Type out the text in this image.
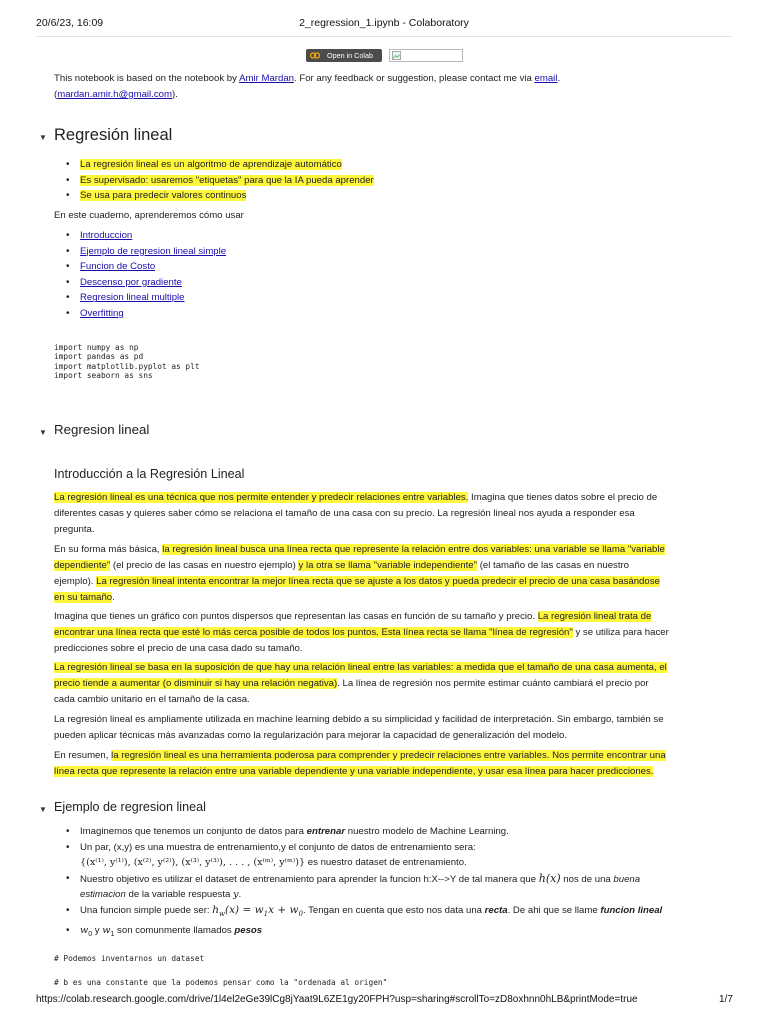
20/6/23, 16:09	2_regression_1.ipynb - Colaboratory
Open in Colab
This notebook is based on the notebook by Amir Mardan. For any feedback or suggestion, please contact me via email.
(mardan.amir.h@gmail.com).
▼ Regresión lineal
• La regresión lineal es un algoritmo de aprendizaje automático
• Es supervisado: usaremos "etiquetas" para que la IA pueda aprender
• Se usa para predecir valores continuos
En este cuaderno, aprenderemos cómo usar
• Introduccion
• Ejemplo de regresion lineal simple
• Funcion de Costo
• Descenso por gradiente
• Regresion lineal multiple
• Overfitting
import numpy as np
import pandas as pd
import matplotlib.pyplot as plt
import seaborn as sns
▼ Regresion lineal
Introducción a la Regresión Lineal
La regresión lineal es una técnica que nos permite entender y predecir relaciones entre variables. Imagina que tienes datos sobre el precio de
diferentes casas y quieres saber cómo se relaciona el tamaño de una casa con su precio. La regresión lineal nos ayuda a responder esa
pregunta.
En su forma más básica, la regresión lineal busca una línea recta que represente la relación entre dos variables: una variable se llama "variable
dependiente" (el precio de las casas en nuestro ejemplo) y la otra se llama "variable independiente" (el tamaño de las casas en nuestro
ejemplo). La regresión lineal intenta encontrar la mejor línea recta que se ajuste a los datos y pueda predecir el precio de una casa basándose
en su tamaño.
Imagina que tienes un gráfico con puntos dispersos que representan las casas en función de su tamaño y precio. La regresión lineal trata de
encontrar una línea recta que esté lo más cerca posible de todos los puntos. Esta línea recta se llama "línea de regresión" y se utiliza para hacer
predicciones sobre el precio de una casa dado su tamaño.
La regresión lineal se basa en la suposición de que hay una relación lineal entre las variables: a medida que el tamaño de una casa aumenta, el
precio tiende a aumentar (o disminuir si hay una relación negativa). La línea de regresión nos permite estimar cuánto cambiará el precio por
cada cambio unitario en el tamaño de la casa.
La regresión lineal es ampliamente utilizada en machine learning debido a su simplicidad y facilidad de interpretación. Sin embargo, también se
pueden aplicar técnicas más avanzadas como la regularización para mejorar la capacidad de generalización del modelo.
En resumen, la regresión lineal es una herramienta poderosa para comprender y predecir relaciones entre variables. Nos permite encontrar una
línea recta que represente la relación entre una variable dependiente y una variable independiente, y usar esa línea para hacer predicciones.
▼ Ejemplo de regresion lineal
• Imaginemos que tenemos un conjunto de datos para entrenar nuestro modelo de Machine Learning.
• Un par, (x,y) es una muestra de entrenamiento,y el conjunto de datos de entrenamiento sera:
{(x⁽¹⁾, y⁽¹⁾), (x⁽²⁾, y⁽²⁾), (x⁽³⁾, y⁽³⁾), . . . , (x⁽ᵐ⁾, y⁽ᵐ⁾)} es nuestro dataset de entrenamiento.
• Nuestro objetivo es utilizar el dataset de entrenamiento para aprender la funcion h:X-->Y de tal manera que h(x) nos de una buena
estimacion de la variable respuesta y.
• Una funcion simple puede ser: $h_w(x) = w_1x + w_0$. Tengan en cuenta que esto nos data una recta. De ahi que se llame funcion lineal
• $w_0$ y $w_1$ son comunmente llamados pesos
# Podemos inventarnos un dataset
# b es una constante que la podemos pensar como la "ordenada al origen"
https://colab.research.google.com/drive/1l4el2eGe39lCg8jYaat9L6ZE1gy20FPH?usp=sharing#scrollTo=zD8oxhnn0hLB&printMode=true	1/7
